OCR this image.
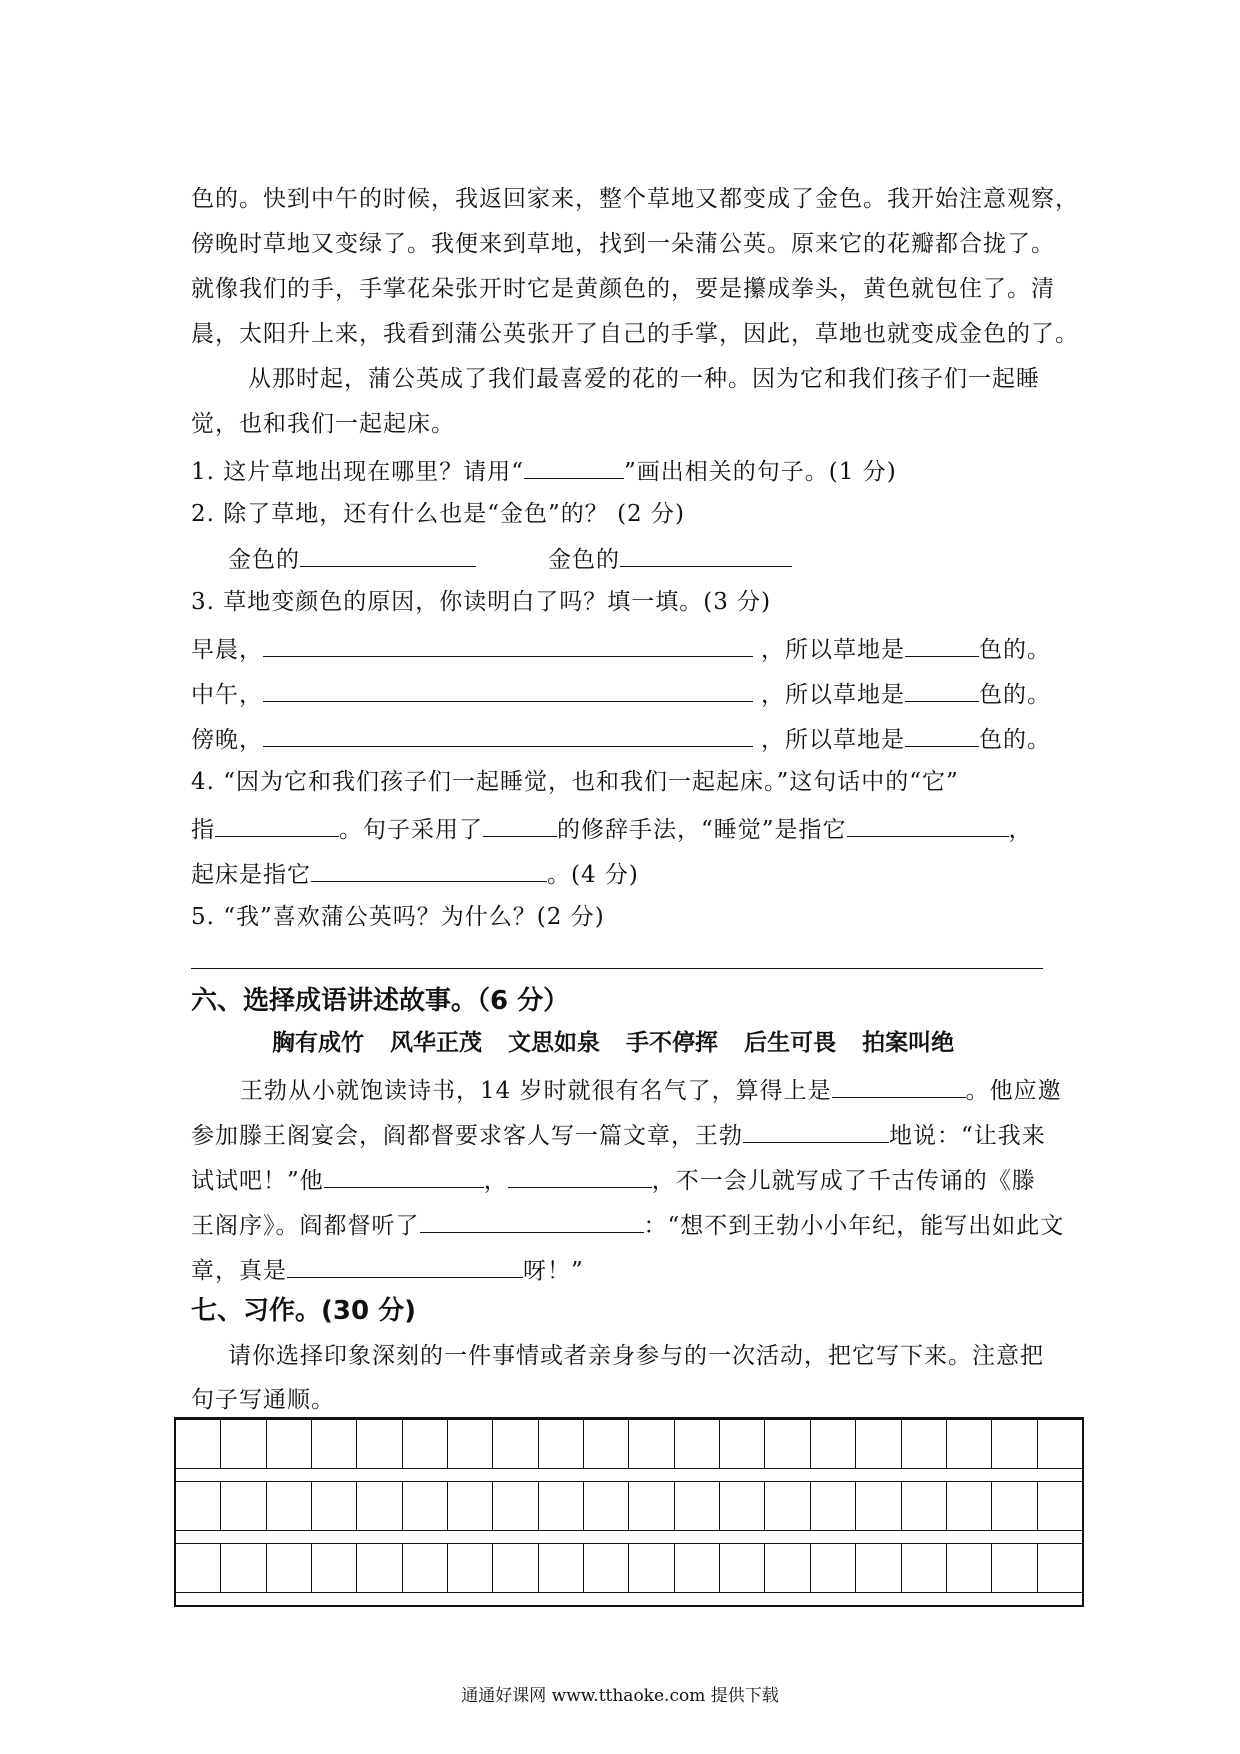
色的。快到中午的时候，我返回家来，整个草地又都变成了金色。我开始注意观察，
傍晚时草地又变绿了。我便来到草地，找到一朵蒲公英。原来它的花瓣都合拢了。
就像我们的手，手掌花朵张开时它是黄颜色的，要是攥成拳头，黄色就包住了。清
晨，太阳升上来，我看到蒲公英张开了自己的手掌，因此，草地也就变成金色的了。
从那时起，蒲公英成了我们最喜爱的花的一种。因为它和我们孩子们一起睡
觉，也和我们一起起床。
1. 这片草地出现在哪里？请用“	”画出相关的句子。(1 分)
2. 除了草地，还有什么也是“金色”的？ (2 分)
金色的	金色的
3. 草地变颜色的原因，你读明白了吗？填一填。(3 分)
早晨，	，所以草地是	色的。
中午，	，所以草地是	色的。
傍晚，	，所以草地是	色的。
4. “因为它和我们孩子们一起睡觉，也和我们一起起床。”这句话中的“它”
指	。句子采用了	的修辞手法，“睡觉”是指它	，
起床是指它	。(4 分)
5. “我”喜欢蒲公英吗？为什么？(2 分)
六、选择成语讲述故事。（6 分）
胸有成竹 风华正茂 文思如泉 手不停挥 后生可畏 拍案叫绝
王勃从小就饱读诗书，14 岁时就很有名气了，算得上是	。他应邀
参加滕王阁宴会，阎都督要求客人写一篇文章，王勃	地说：“让我来
试试吧！”他	，	，不一会儿就写成了千古传诵的《滕
王阁序》。阎都督听了	：“想不到王勃小小年纪，能写出如此文
章，真是	呀！”
七、习作。(30 分)
请你选择印象深刻的一件事情或者亲身参与的一次活动，把它写下来。注意把
句子写通顺。
通通好课网 www.tthaoke.com 提供下载
